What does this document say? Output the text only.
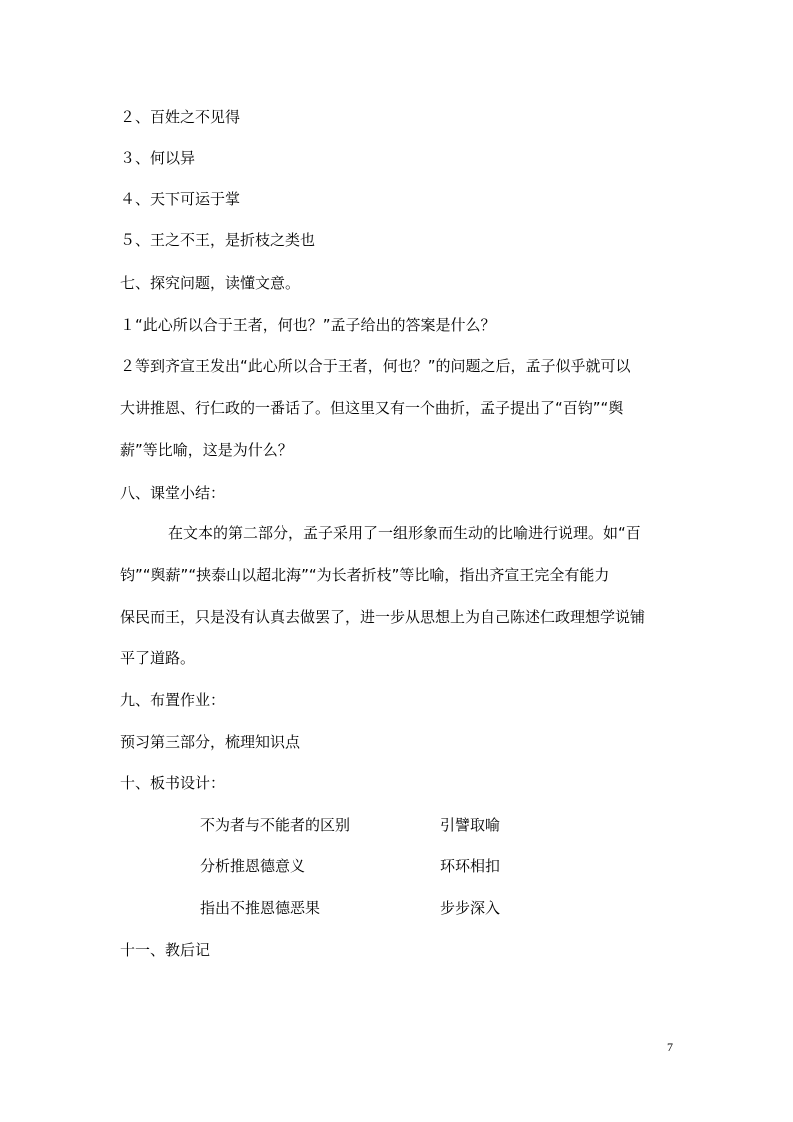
２、百姓之不见得

３、何以异

４、天下可运于掌

５、王之不王，是折枝之类也

七、探究问题，读懂文意。

１“此心所以合于王者，何也？”孟子给出的答案是什么？

２等到齐宣王发出“此心所以合于王者，何也？”的问题之后，孟子似乎就可以

大讲推恩、行仁政的一番话了。但这里又有一个曲折，孟子提出了“百钧”“舆

薪”等比喻，这是为什么？

八、课堂小结：

在文本的第二部分，孟子采用了一组形象而生动的比喻进行说理。如“百

钧”“舆薪”“挟泰山以超北海”“为长者折枝”等比喻，指出齐宣王完全有能力

保民而王，只是没有认真去做罢了，进一步从思想上为自己陈述仁政理想学说铺

平了道路。

九、布置作业：

预习第三部分，梳理知识点

十、板书设计：

不为者与不能者的区别	引譬取喻

分析推恩德意义	环环相扣

指出不推恩德恶果	步步深入

十一、教后记

7
